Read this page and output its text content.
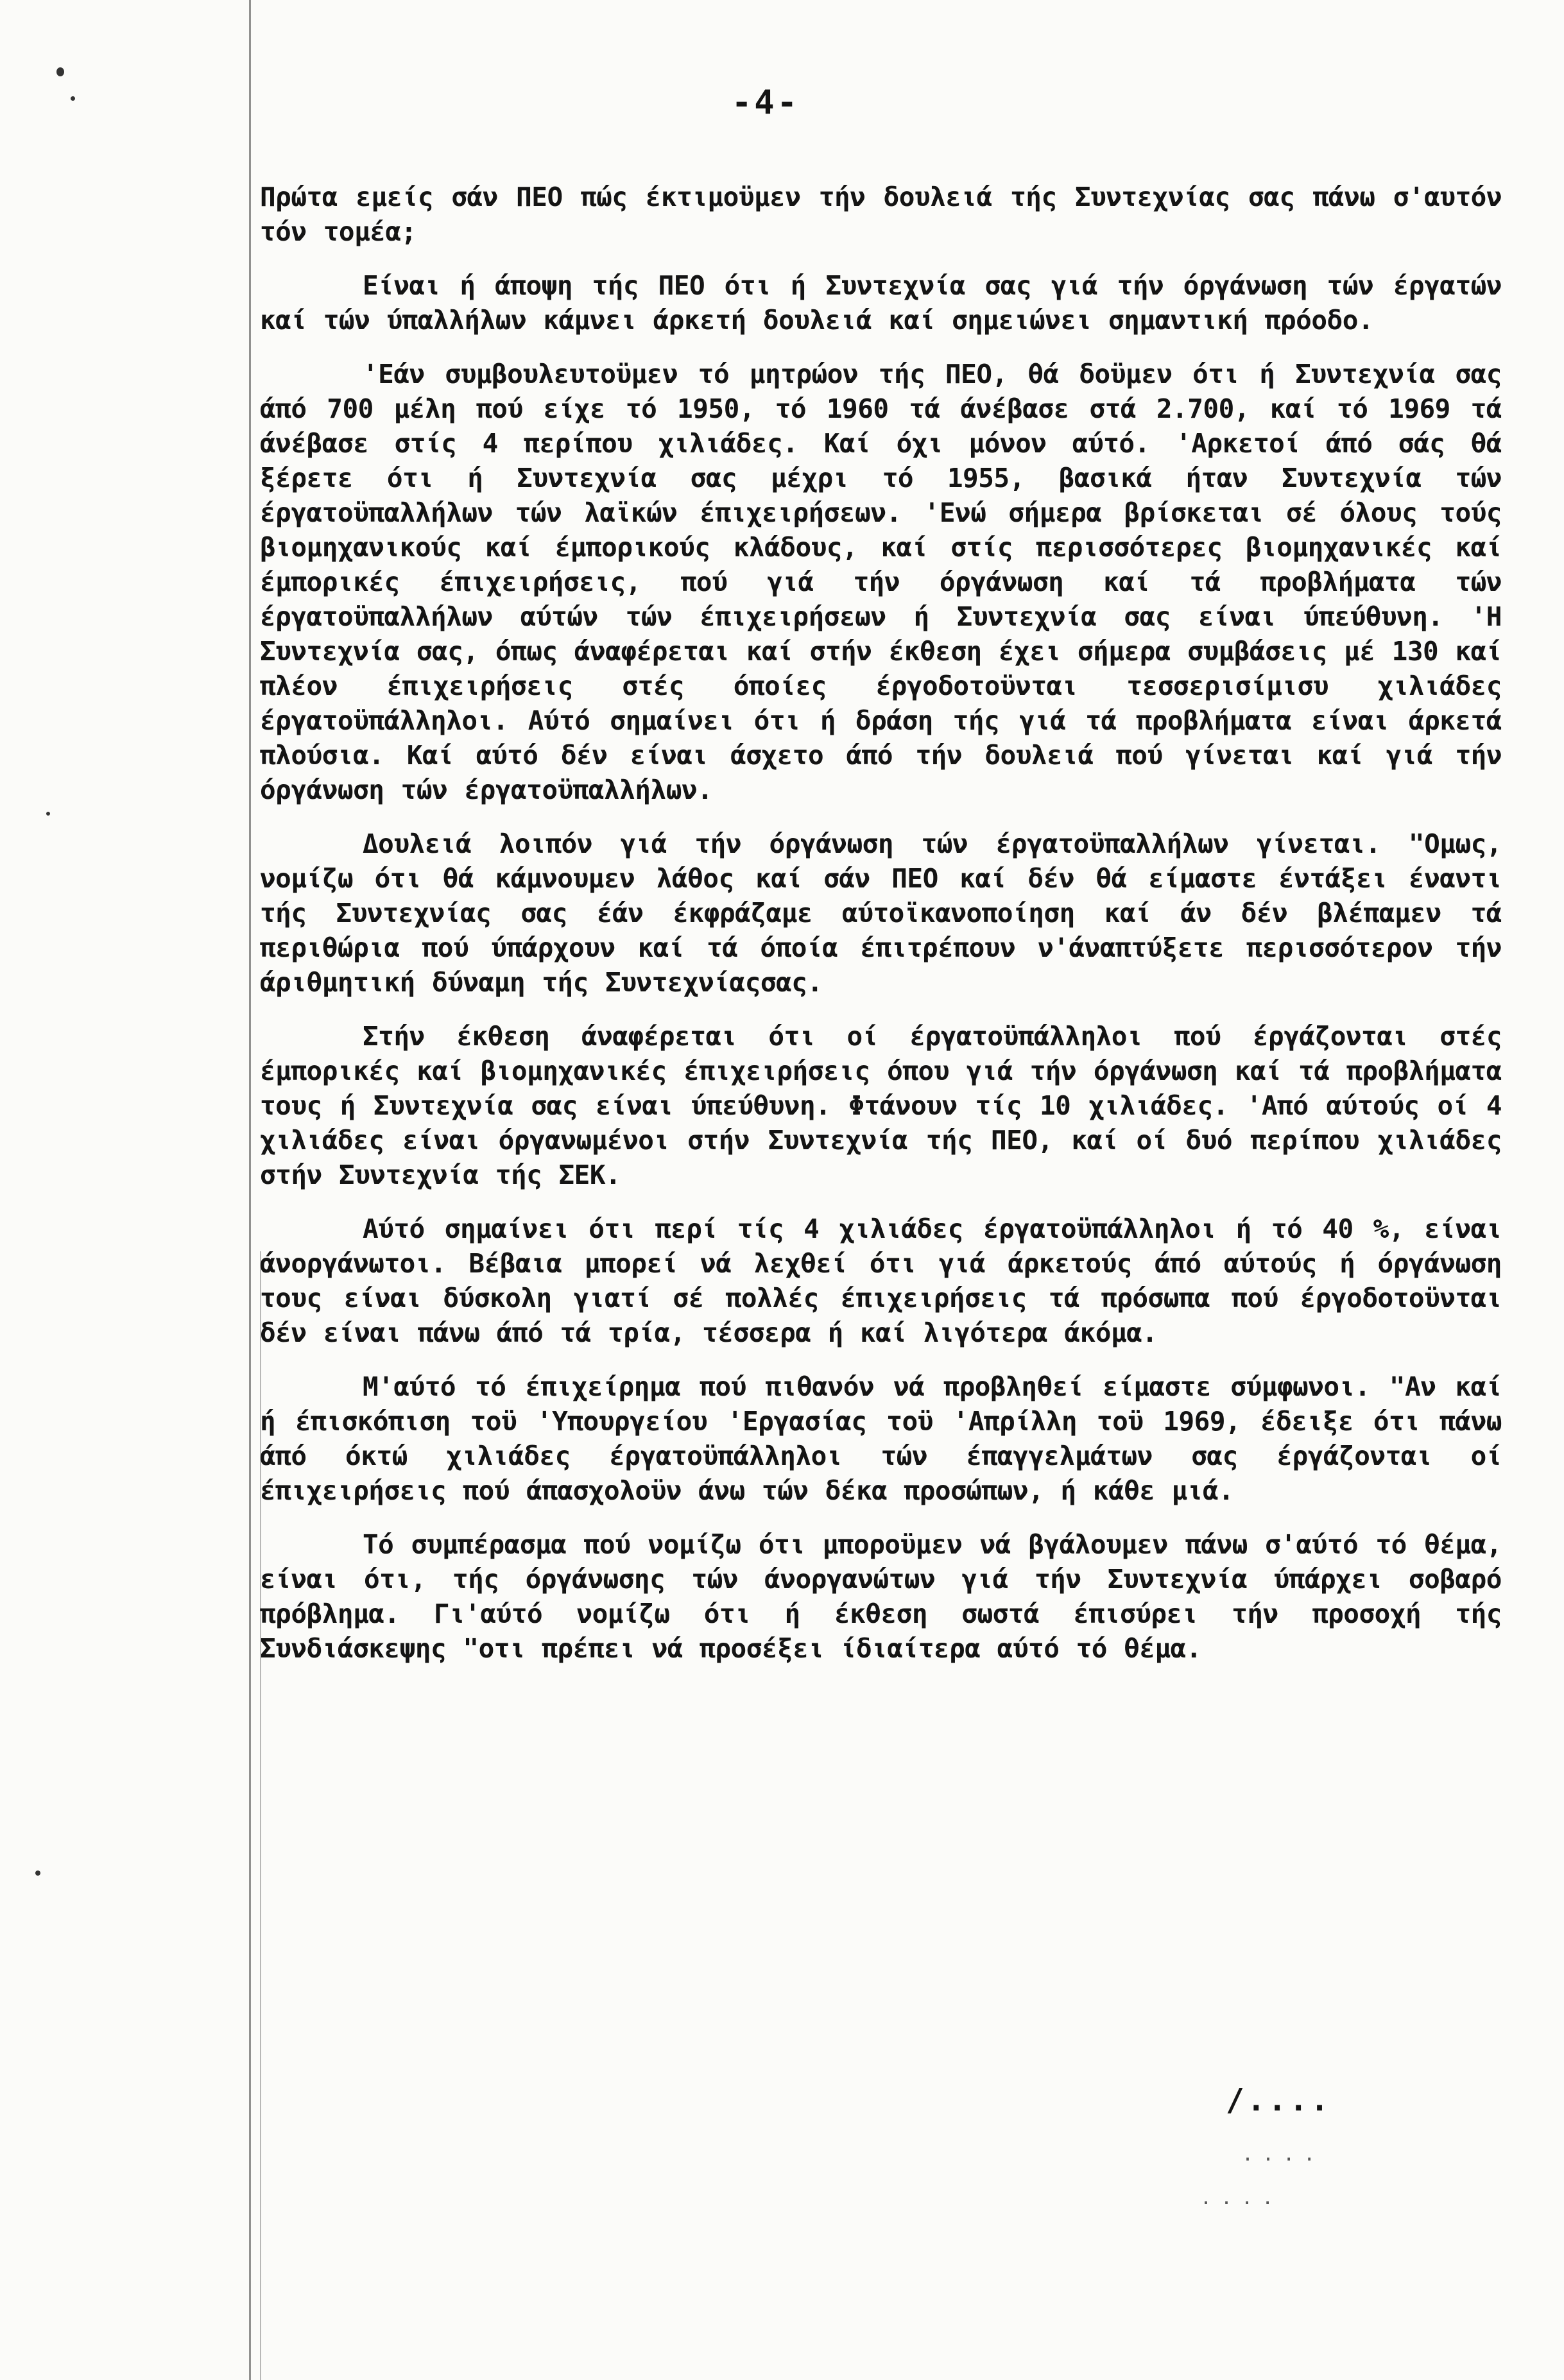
-4-

Πρώτα εμείς σάν ΠΕΟ πώς έκτιμοϋμεν τήν δουλειά τής Συντεχνίας σας πάνω σ'αυτόν τόν τομέα;

Είναι ή άποψη τής ΠΕΟ ότι ή Συντεχνία σας γιά τήν όργάνωση τών έργατών καί τών ύπαλλήλων κάμνει άρκετή δουλειά καί σημειώνει σημαντική πρόοδο.

'Εάν συμβουλευτοϋμεν τό μητρώον τής ΠΕΟ, θά δοϋμεν ότι ή Συντεχνία σας άπό 700 μέλη πού είχε τό 1950, τό 1960 τά άνέβασε στά 2.700, καί τό 1969 τά άνέβασε στίς 4 περίπου χιλιάδες. Καί όχι μόνον αύτό. 'Αρκετοί άπό σάς θά ξέρετε ότι ή Συντεχνία σας μέχρι τό 1955, βασικά ήταν Συντεχνία τών έργατοϋπαλλήλων τών λαϊκών έπιχειρήσεων. 'Ενώ σήμερα βρίσκεται σέ όλους τούς βιομηχανικούς καί έμπορικούς κλάδους, καί στίς περισσότερες βιομηχανικές καί έμπορικές έπιχειρήσεις, πού γιά τήν όργάνωση καί τά προβλήματα τών έργατοϋπαλλήλων αύτών τών έπιχειρήσεων ή Συντεχνία σας είναι ύπεύθυνη. 'Η Συντεχνία σας, όπως άναφέρεται καί στήν έκθεση έχει σήμερα συμβάσεις μέ 130 καί πλέον έπιχειρήσεις στές όποίες έργοδοτοϋνται τεσσερισίμισυ χιλιάδες έργατοϋπάλληλοι. Αύτό σημαίνει ότι ή δράση τής γιά τά προβλήματα είναι άρκετά πλούσια. Καί αύτό δέν είναι άσχετο άπό τήν δουλειά πού γίνεται καί γιά τήν όργάνωση τών έργατοϋπαλλήλων.

Δουλειά λοιπόν γιά τήν όργάνωση τών έργατοϋπαλλήλων γίνεται. "Ομως, νομίζω ότι θά κάμνουμεν λάθος καί σάν ΠΕΟ καί δέν θά είμαστε έντάξει έναντι τής Συντεχνίας σας έάν έκφράζαμε αύτοϊκανοποίηση καί άν δέν βλέπαμεν τά περιθώρια πού ύπάρχουν καί τά όποία έπιτρέπουν ν'άναπτύξετε περισσότερον τήν άριθμητική δύναμη τής Συντεχνίαςσας.

Στήν έκθεση άναφέρεται ότι οί έργατοϋπάλληλοι πού έργάζονται στές έμπορικές καί βιομηχανικές έπιχειρήσεις όπου γιά τήν όργάνωση καί τά προβλήματα τους ή Συντεχνία σας είναι ύπεύθυνη. Φτάνουν τίς 10 χιλιάδες. 'Από αύτούς οί 4 χιλιάδες είναι όργανωμένοι στήν Συντεχνία τής ΠΕΟ, καί οί δυό περίπου χιλιάδες στήν Συντεχνία τής ΣΕΚ.

Αύτό σημαίνει ότι περί τίς 4 χιλιάδες έργατοϋπάλληλοι ή τό 40 %, είναι άνοργάνωτοι. Βέβαια μπορεί νά λεχθεί ότι γιά άρκετούς άπό αύτούς ή όργάνωση τους είναι δύσκολη γιατί σέ πολλές έπιχειρήσεις τά πρόσωπα πού έργοδοτοϋνται δέν είναι πάνω άπό τά τρία, τέσσερα ή καί λιγότερα άκόμα.

Μ'αύτό τό έπιχείρημα πού πιθανόν νά προβληθεί είμαστε σύμφωνοι. "Αν καί ή έπισκόπιση τοϋ 'Υπουργείου 'Εργασίας τοϋ 'Απρίλλη τοϋ 1969, έδειξε ότι πάνω άπό όκτώ χιλιάδες έργατοϋπάλληλοι τών έπαγγελμάτων σας έργάζονται οί έπιχειρήσεις πού άπασχολοϋν άνω τών δέκα προσώπων, ή κάθε μιά.

Τό συμπέρασμα πού νομίζω ότι μποροϋμεν νά βγάλουμεν πάνω σ'αύτό τό θέμα, είναι ότι, τής όργάνωσης τών άνοργανώτων γιά τήν Συντεχνία ύπάρχει σοβαρό πρόβλημα. Γι'αύτό νομίζω ότι ή έκθεση σωστά έπισύρει τήν προσοχή τής Συνδιάσκεψης "οτι πρέπει νά προσέξει ίδιαίτερα αύτό τό θέμα.

/....
....
....
